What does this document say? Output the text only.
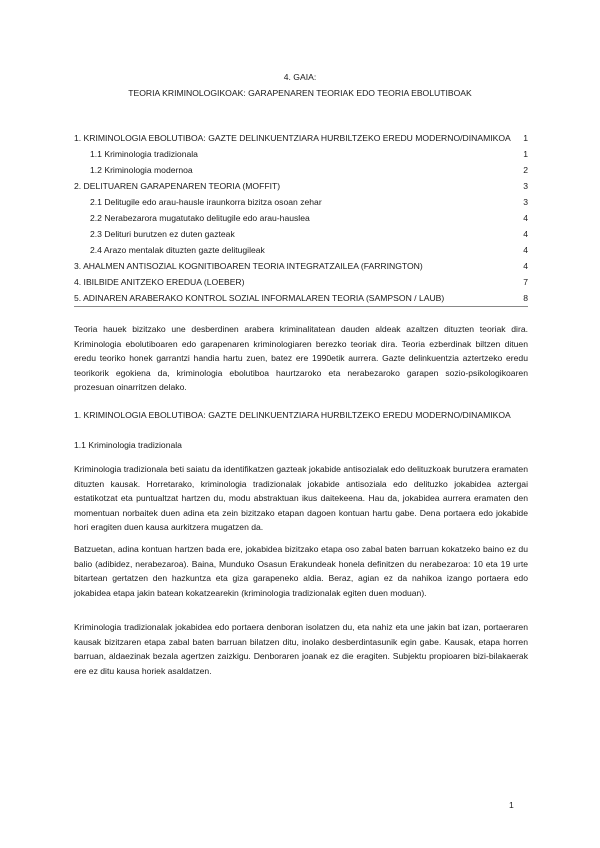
4. GAIA:
TEORIA KRIMINOLOGIKOAK: GARAPENAREN TEORIAK EDO TEORIA EBOLUTIBOAK
1. KRIMINOLOGIA EBOLUTIBOA: GAZTE DELINKUENTZIARA HURBILTZEKO EREDU MODERNO/DINAMIKOA 1
1.1 Kriminologia tradizionala	1
1.2 Kriminologia modernoa	2
2. DELITUAREN GARAPENAREN TEORIA (MOFFIT)	3
2.1 Delitugile edo arau-hausle iraunkorra bizitza osoan zehar	3
2.2 Nerabezarora mugatutako delitugile edo arau-hauslea	4
2.3 Delituri burutzen ez duten gazteak	4
2.4 Arazo mentalak dituzten gazte delitugileak	4
3. AHALMEN ANTISOZIAL KOGNITIBOAREN TEORIA INTEGRATZAILEA (FARRINGTON)	4
4. IBILBIDE ANITZEKO EREDUA (LOEBER)	7
5. ADINAREN ARABERAKO KONTROL SOZIAL INFORMALAREN TEORIA (SAMPSON / LAUB)	8
Teoria hauek bizitzako une desberdinen arabera kriminalitatean dauden aldeak azaltzen dituzten teoriak dira. Kriminologia ebolutiboaren edo garapenaren kriminologiaren berezko teoriak dira. Teoria ezberdinak biltzen dituen eredu teoriko honek garrantzi handia hartu zuen, batez ere 1990etik aurrera. Gazte delinkuentzia aztertzeko eredu teorikorik egokiena da, kriminologia ebolutiboa haurtzaroko eta nerabezaroko garapen sozio-psikologikoaren prozesuan oinarritzen delako.
1. KRIMINOLOGIA EBOLUTIBOA: GAZTE DELINKUENTZIARA HURBILTZEKO EREDU MODERNO/DINAMIKOA
1.1 Kriminologia tradizionala
Kriminologia tradizionala beti saiatu da identifikatzen gazteak jokabide antisozialak edo delituzkoak burutzera eramaten dituzten kausak. Horretarako, kriminologia tradizionalak jokabide antisoziala edo delituzko jokabidea aztergai estatikotzat eta puntualtzat hartzen du, modu abstraktuan ikus daitekeena. Hau da, jokabidea aurrera eramaten den momentuan norbaitek duen adina eta zein bizitzako etapan dagoen kontuan hartu gabe. Dena portaera edo jokabide hori eragiten duen kausa aurkitzera mugatzen da.
Batzuetan, adina kontuan hartzen bada ere, jokabidea bizitzako etapa oso zabal baten barruan kokatzeko baino ez du balio (adibidez, nerabezaroa). Baina, Munduko Osasun Erakundeak honela definitzen du nerabezaroa: 10 eta 19 urte bitartean gertatzen den hazkuntza eta giza garapeneko aldia. Beraz, agian ez da nahikoa izango portaera edo jokabidea etapa jakin batean kokatzearekin (kriminologia tradizionalak egiten duen moduan).
Kriminologia tradizionalak jokabidea edo portaera denboran isolatzen du, eta nahiz eta une jakin bat izan, portaeraren kausak bizitzaren etapa zabal baten barruan bilatzen ditu, inolako desberdintasunik egin gabe. Kausak, etapa horren barruan, aldaezinak bezala agertzen zaizkigu. Denboraren joanak ez die eragiten. Subjektu propioaren bizi-bilakaerak ere ez ditu kausa horiek asaldatzen.
1
